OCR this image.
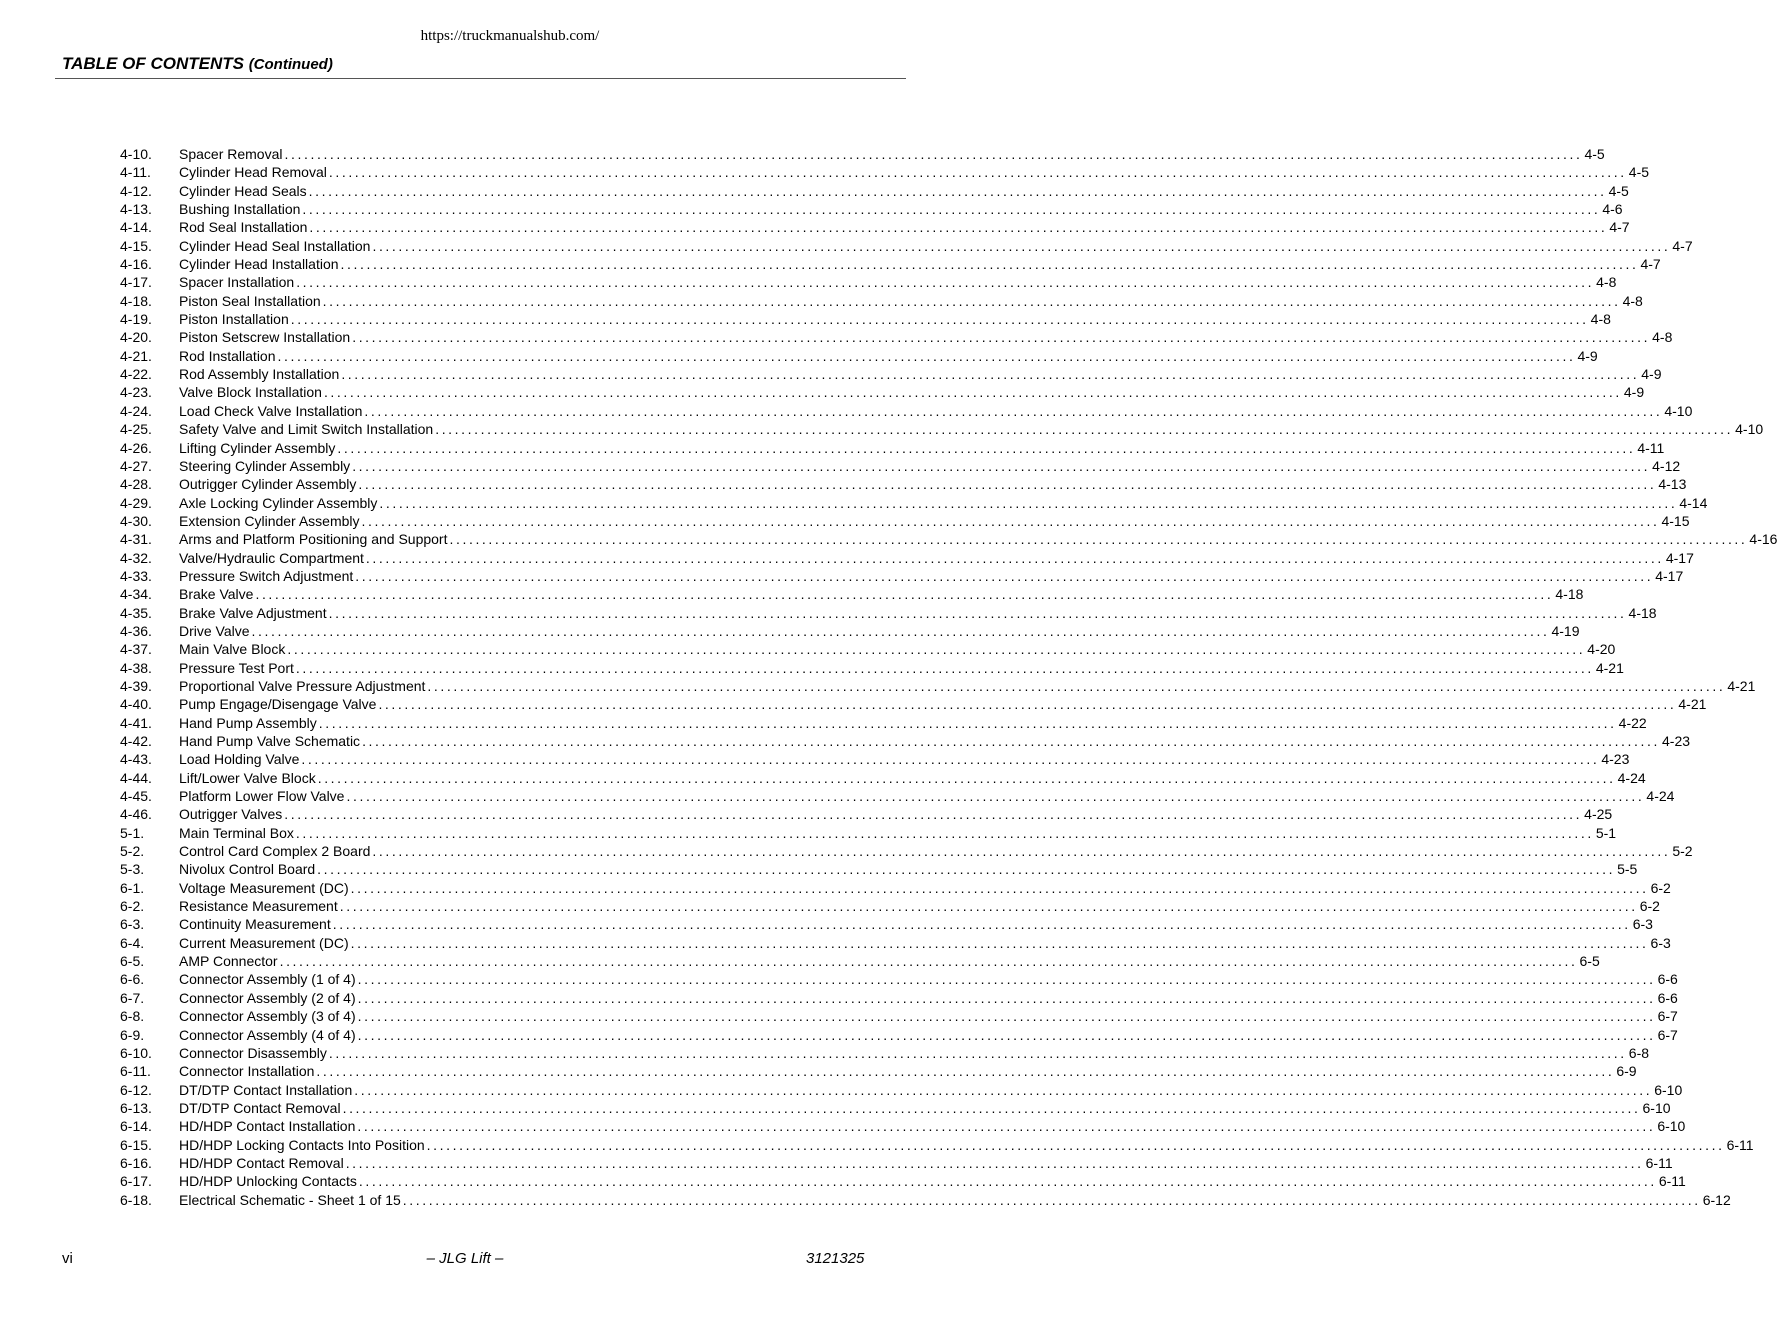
https://truckmanualshub.com/
TABLE OF CONTENTS (Continued)
4-10.	Spacer Removal ........................................................................................................................................................................................................ 4-5
4-11.	Cylinder Head Removal ........................................................................................................................................................................................................ 4-5
4-12.	Cylinder Head Seals ........................................................................................................................................................................................................ 4-5
4-13.	Bushing Installation ........................................................................................................................................................................................................ 4-6
4-14.	Rod Seal Installation ........................................................................................................................................................................................................ 4-7
4-15.	Cylinder Head Seal Installation ........................................................................................................................................................................................................ 4-7
4-16.	Cylinder Head Installation ........................................................................................................................................................................................................ 4-7
4-17.	Spacer Installation ........................................................................................................................................................................................................ 4-8
4-18.	Piston Seal Installation ........................................................................................................................................................................................................ 4-8
4-19.	Piston Installation ........................................................................................................................................................................................................ 4-8
4-20.	Piston Setscrew Installation ........................................................................................................................................................................................................ 4-8
4-21.	Rod Installation ........................................................................................................................................................................................................ 4-9
4-22.	Rod Assembly Installation ........................................................................................................................................................................................................ 4-9
4-23.	Valve Block Installation ........................................................................................................................................................................................................ 4-9
4-24.	Load Check Valve Installation ........................................................................................................................................................................................................ 4-10
4-25.	Safety Valve and Limit Switch Installation ........................................................................................................................................................................................................ 4-10
4-26.	Lifting Cylinder Assembly ........................................................................................................................................................................................................ 4-11
4-27.	Steering Cylinder Assembly ........................................................................................................................................................................................................ 4-12
4-28.	Outrigger Cylinder Assembly ........................................................................................................................................................................................................ 4-13
4-29.	Axle Locking Cylinder Assembly ........................................................................................................................................................................................................ 4-14
4-30.	Extension Cylinder Assembly ........................................................................................................................................................................................................ 4-15
4-31.	Arms and Platform Positioning and Support ........................................................................................................................................................................................................ 4-16
4-32.	Valve/Hydraulic Compartment ........................................................................................................................................................................................................ 4-17
4-33.	Pressure Switch Adjustment ........................................................................................................................................................................................................ 4-17
4-34.	Brake Valve ........................................................................................................................................................................................................ 4-18
4-35.	Brake Valve Adjustment ........................................................................................................................................................................................................ 4-18
4-36.	Drive Valve ........................................................................................................................................................................................................ 4-19
4-37.	Main Valve Block ........................................................................................................................................................................................................ 4-20
4-38.	Pressure Test Port ........................................................................................................................................................................................................ 4-21
4-39.	Proportional Valve Pressure Adjustment ........................................................................................................................................................................................................ 4-21
4-40.	Pump Engage/Disengage Valve ........................................................................................................................................................................................................ 4-21
4-41.	Hand Pump Assembly ........................................................................................................................................................................................................ 4-22
4-42.	Hand Pump Valve Schematic ........................................................................................................................................................................................................ 4-23
4-43.	Load Holding Valve ........................................................................................................................................................................................................ 4-23
4-44.	Lift/Lower Valve Block ........................................................................................................................................................................................................ 4-24
4-45.	Platform Lower Flow Valve ........................................................................................................................................................................................................ 4-24
4-46.	Outrigger Valves ........................................................................................................................................................................................................ 4-25
5-1.	Main Terminal Box ........................................................................................................................................................................................................ 5-1
5-2.	Control Card Complex 2 Board ........................................................................................................................................................................................................ 5-2
5-3.	Nivolux Control Board ........................................................................................................................................................................................................ 5-5
6-1.	Voltage Measurement (DC) ........................................................................................................................................................................................................ 6-2
6-2.	Resistance Measurement ........................................................................................................................................................................................................ 6-2
6-3.	Continuity Measurement ........................................................................................................................................................................................................ 6-3
6-4.	Current Measurement (DC) ........................................................................................................................................................................................................ 6-3
6-5.	AMP Connector ........................................................................................................................................................................................................ 6-5
6-6.	Connector Assembly (1 of 4) ........................................................................................................................................................................................................ 6-6
6-7.	Connector Assembly (2 of 4) ........................................................................................................................................................................................................ 6-6
6-8.	Connector Assembly (3 of 4) ........................................................................................................................................................................................................ 6-7
6-9.	Connector Assembly (4 of 4) ........................................................................................................................................................................................................ 6-7
6-10.	Connector Disassembly ........................................................................................................................................................................................................ 6-8
6-11.	Connector Installation ........................................................................................................................................................................................................ 6-9
6-12.	DT/DTP Contact Installation ........................................................................................................................................................................................................ 6-10
6-13.	DT/DTP Contact Removal ........................................................................................................................................................................................................ 6-10
6-14.	HD/HDP Contact Installation ........................................................................................................................................................................................................ 6-10
6-15.	HD/HDP Locking Contacts Into Position ........................................................................................................................................................................................................ 6-11
6-16.	HD/HDP Contact Removal ........................................................................................................................................................................................................ 6-11
6-17.	HD/HDP Unlocking Contacts ........................................................................................................................................................................................................ 6-11
6-18.	Electrical Schematic - Sheet 1 of 15 ........................................................................................................................................................................................................ 6-12
vi	– JLG Lift –	3121325
